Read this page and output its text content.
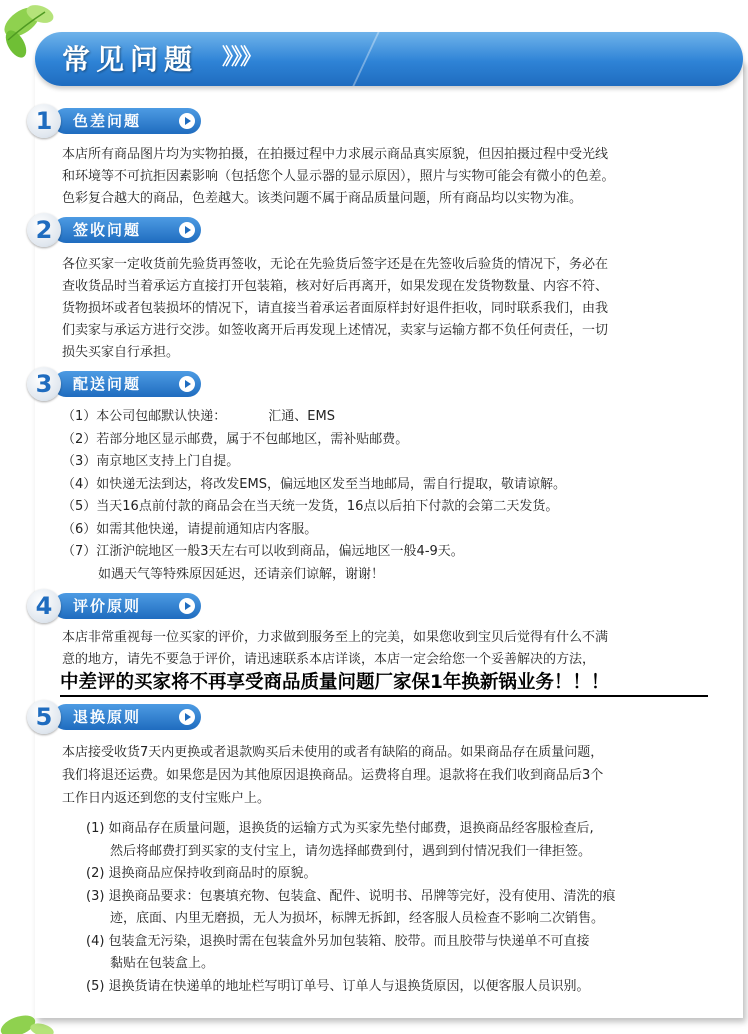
常见问题 》》》
色差问题
1
本店所有商品图片均为实物拍摄，在拍摄过程中力求展示商品真实原貌，但因拍摄过程中受光线
和环境等不可抗拒因素影响（包括您个人显示器的显示原因），照片与实物可能会有微小的色差。
色彩复合越大的商品，色差越大。该类问题不属于商品质量问题，所有商品均以实物为准。
签收问题
2
各位买家一定收货前先验货再签收，无论在先验货后签字还是在先签收后验货的情况下，务必在
查收货品时当着承运方直接打开包装箱，核对好后再离开，如果发现在发货物数量、内容不符、
货物损坏或者包装损坏的情况下，请直接当着承运者面原样封好退件拒收，同时联系我们，由我
们卖家与承运方进行交涉。如签收离开后再发现上述情况，卖家与运输方都不负任何责任，一切
损失买家自行承担。
配送问题
3
（1）本公司包邮默认快递：	汇通、EMS
（2）若部分地区显示邮费，属于不包邮地区，需补贴邮费。
（3）南京地区支持上门自提。
（4）如快递无法到达，将改发EMS，偏远地区发至当地邮局，需自行提取，敬请谅解。
（5）当天16点前付款的商品会在当天统一发货，16点以后拍下付款的会第二天发货。
（6）如需其他快递，请提前通知店内客服。
（7）江浙沪皖地区一般3天左右可以收到商品，偏远地区一般4-9天。
如遇天气等特殊原因延迟，还请亲们谅解，谢谢！
评价原则
4
本店非常重视每一位买家的评价，力求做到服务至上的完美，如果您收到宝贝后觉得有什么不满
意的地方，请先不要急于评价，请迅速联系本店详谈，本店一定会给您一个妥善解决的方法，
中差评的买家将不再享受商品质量问题厂家保1年换新锅业务！！！
退换原则
5
本店接受收货7天内更换或者退款购买后未使用的或者有缺陷的商品。如果商品存在质量问题，
我们将退还运费。如果您是因为其他原因退换商品。运费将自理。退款将在我们收到商品后3个
工作日内返还到您的支付宝账户上。
(1) 如商品存在质量问题，退换货的运输方式为买家先垫付邮费，退换商品经客服检查后,
然后将邮费打到买家的支付宝上，请勿选择邮费到付，遇到到付情况我们一律拒签。
(2) 退换商品应保持收到商品时的原貌。
(3) 退换商品要求：包裹填充物、包装盒、配件、说明书、吊牌等完好，没有使用、清洗的痕
迹，底面、内里无磨损，无人为损坏，标牌无拆卸，经客服人员检查不影响二次销售。
(4) 包装盒无污染，退换时需在包装盒外另加包装箱、胶带。而且胶带与快递单不可直接
黏贴在包装盒上。
(5) 退换货请在快递单的地址栏写明订单号、订单人与退换货原因，以便客服人员识别。
